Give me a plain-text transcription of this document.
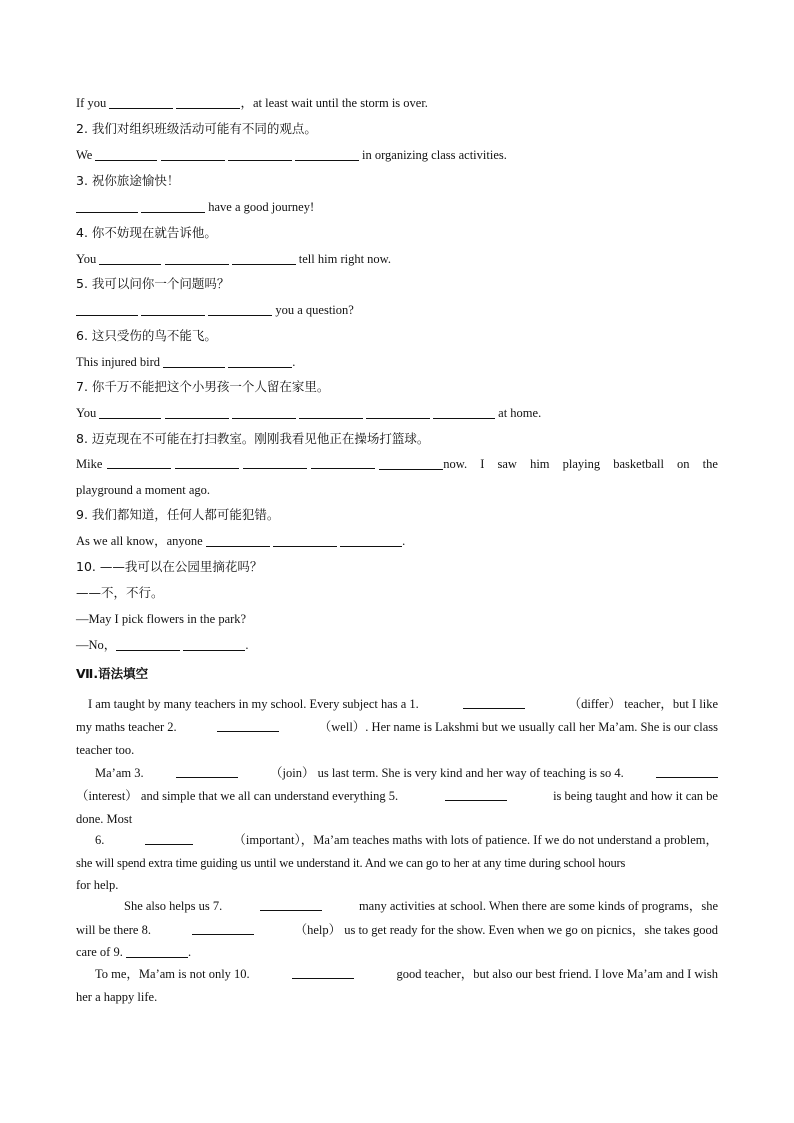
If you	，at least wait until the storm is over.
2. 我们对组织班级活动可能有不同的观点。
We	in organizing class activities.
3. 祝你旅途愉快！
have a good journey!
4. 你不妨现在就告诉他。
You	tell him right now.
5. 我可以问你一个问题吗？
you a question?
6. 这只受伤的鸟不能飞。
This injured bird	.
7. 你千万不能把这个小男孩一个人留在家里。
You	at home.
8. 迈克现在不可能在打扫教室。刚刚我看见他正在操场打篮球。
Mike	now. I saw him playing basketball on the
playground a moment ago.
9. 我们都知道，任何人都可能犯错。
As we all know，anyone	.
10. ——我可以在公园里摘花吗？
——不，不行。
—May I pick flowers in the park?
—No，	.
Ⅶ.语法填空
I am taught by many teachers in my school. Every subject has a 1.	（differ） teacher，but I like
my maths teacher 2.	（well）. Her name is Lakshmi but we usually call her Ma’am. She is our class
teacher too.
Ma’am 3.	（join） us last term. She is very kind and her way of teaching is so 4.
（interest） and simple that we all can understand everything 5.	is being taught and how it can be
done. Most
6.	（important），Ma’am teaches maths with lots of patience. If we do not understand a problem，
she will spend extra time guiding us until we understand it. And we can go to her at any time during school hours
for help.
She also helps us 7.	many activities at school. When there are some kinds of programs，she
will be there 8.	（help） us to get ready for the show. Even when we go on picnics，she takes good
care of 9.	.
To me，Ma’am is not only 10.	good teacher，but also our best friend. I love Ma’am and I wish
her a happy life.
